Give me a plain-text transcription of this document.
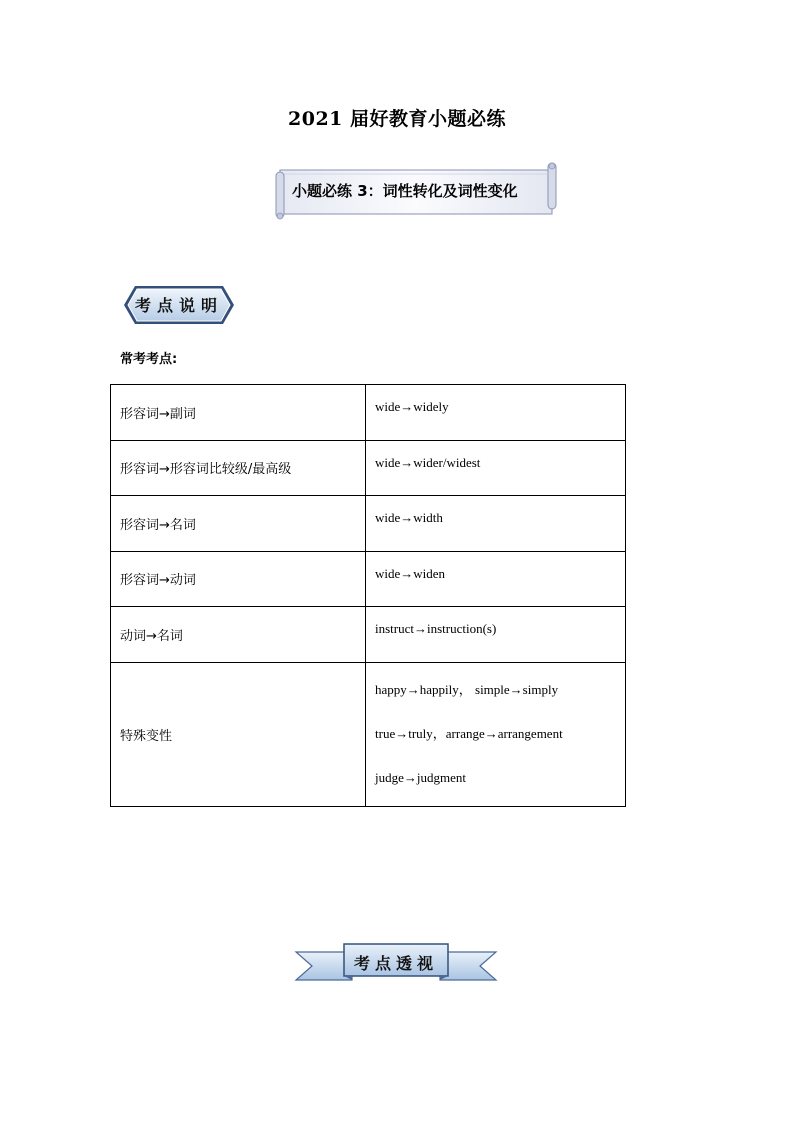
2021 届好教育小题必练
小题必练 3：词性转化及词性变化
考点说明
常考考点:
形容词→副词	wide→widely
形容词→形容词比较级/最高级	wide→wider/widest
形容词→名词	wide→width
形容词→动词	wide→widen
动词→名词	instruct→instruction(s)
特殊变性	happy→happily， simple→simply
true→truly，arrange→arrangement
judge→judgment
考点透视
